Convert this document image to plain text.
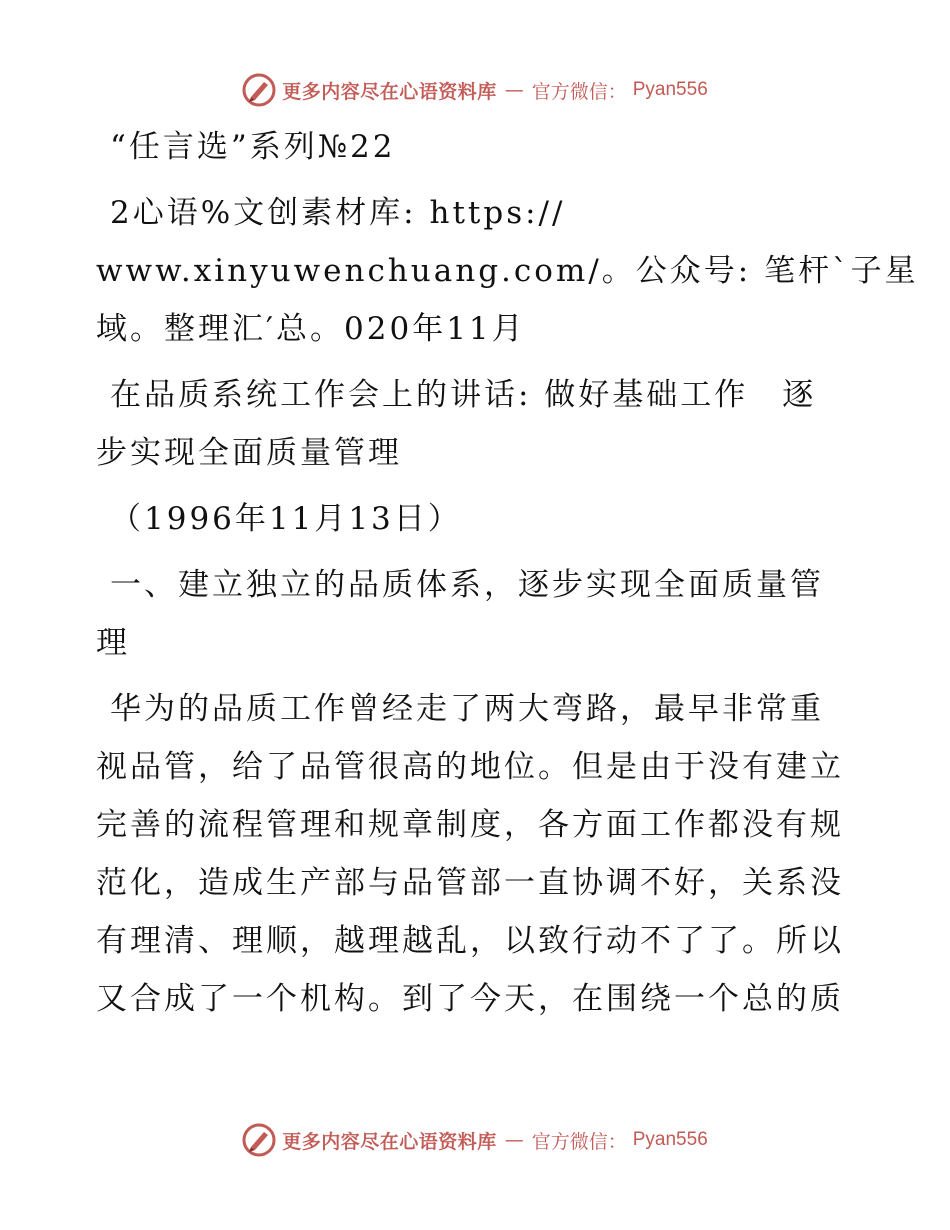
更多内容尽在心语资料库 — 官方微信： Pyan556
“任言选”系列№22
2心语%文创素材库: https://
www.xinyuwenchuang.com/。公众号: 笔杆`子星
域。整理汇′总。020年11月
在品质系统工作会上的讲话: 做好基础工作　逐
步实现全面质量管理
（1996年11月13日）
一、建立独立的品质体系，逐步实现全面质量管
理
华为的品质工作曾经走了两大弯路，最早非常重
视品管，给了品管很高的地位。但是由于没有建立
完善的流程管理和规章制度，各方面工作都没有规
范化，造成生产部与品管部一直协调不好，关系没
有理清、理顺，越理越乱，以致行动不了了。所以
又合成了一个机构。到了今天，在围绕一个总的质
更多内容尽在心语资料库 — 官方微信： Pyan556
